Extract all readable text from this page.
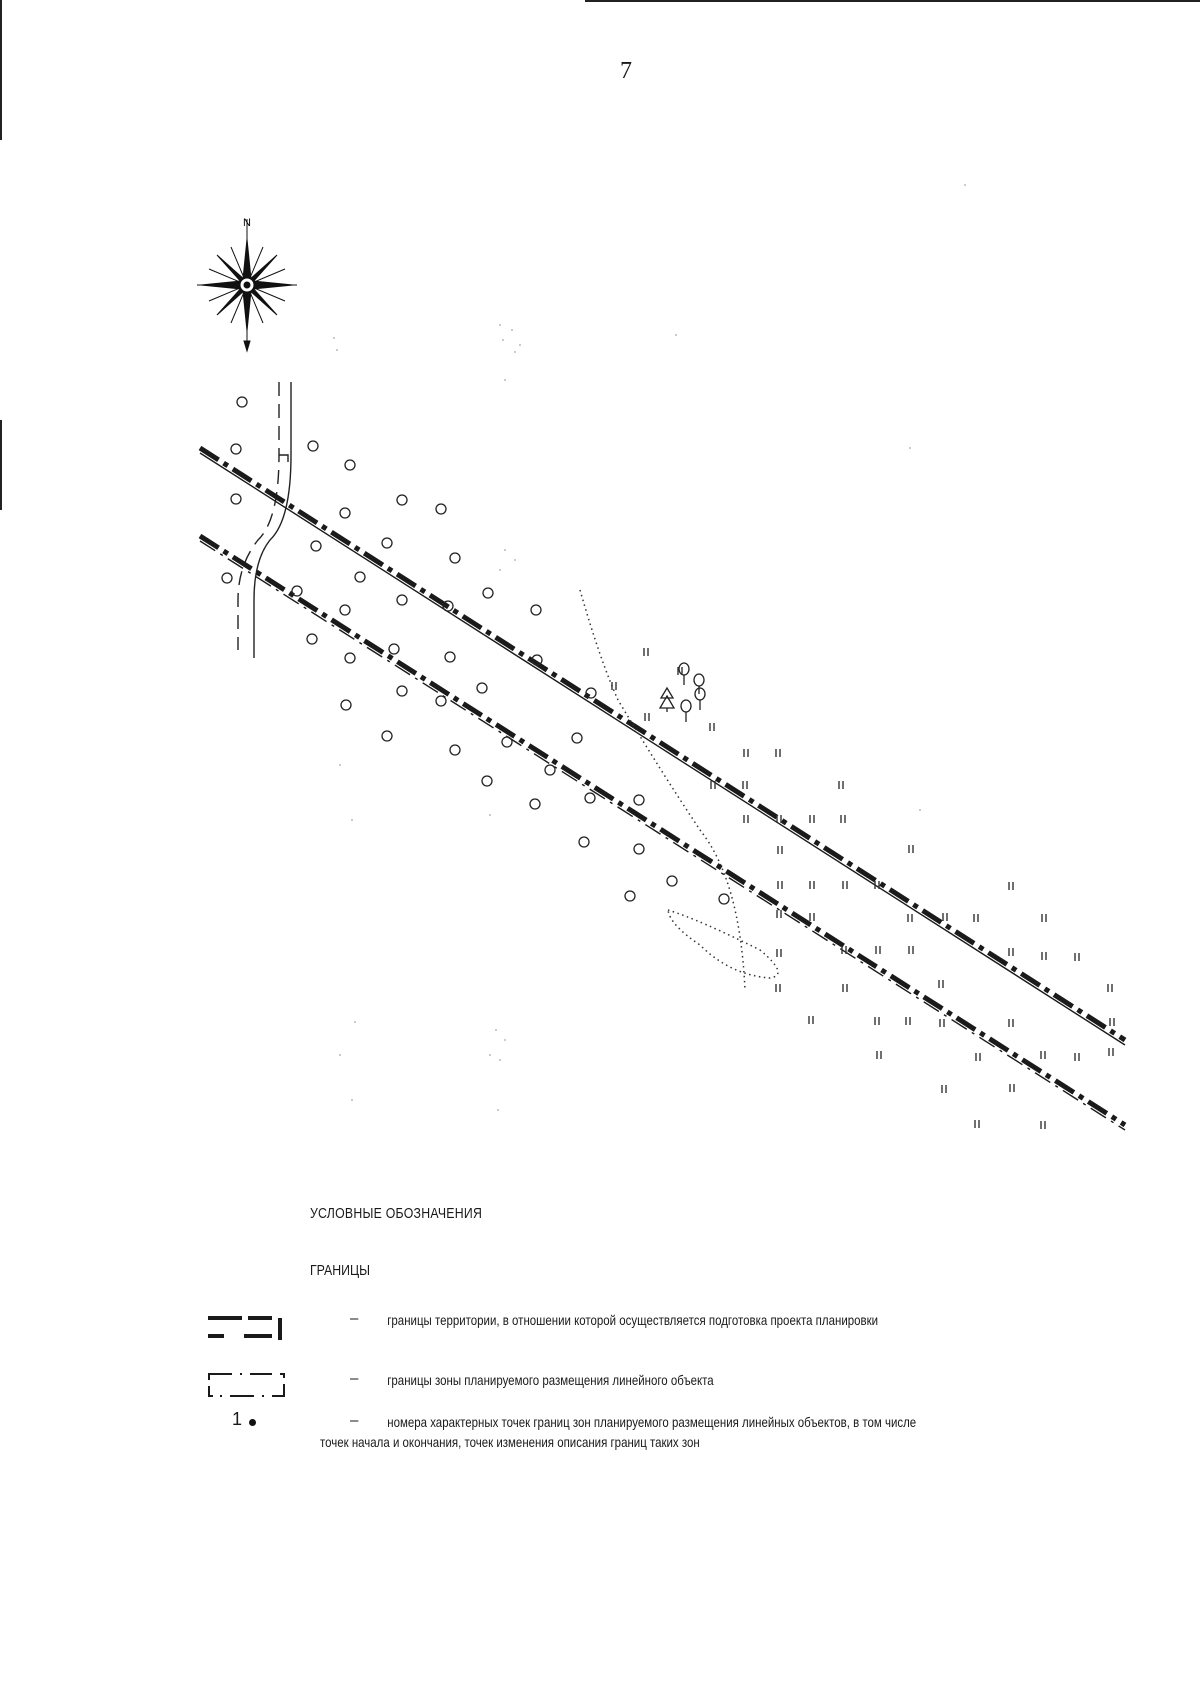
7
N
УСЛОВНЫЕ ОБОЗНАЧЕНИЯ
ГРАНИЦЫ
–	границы территории, в отношении которой осуществляется подготовка проекта планировки
–	границы зоны планируемого размещения линейного объекта
1	–	номера характерных точек границ зон планируемого размещения линейных объектов, в том числе точек начала и окончания, точек изменения описания границ таких зон
